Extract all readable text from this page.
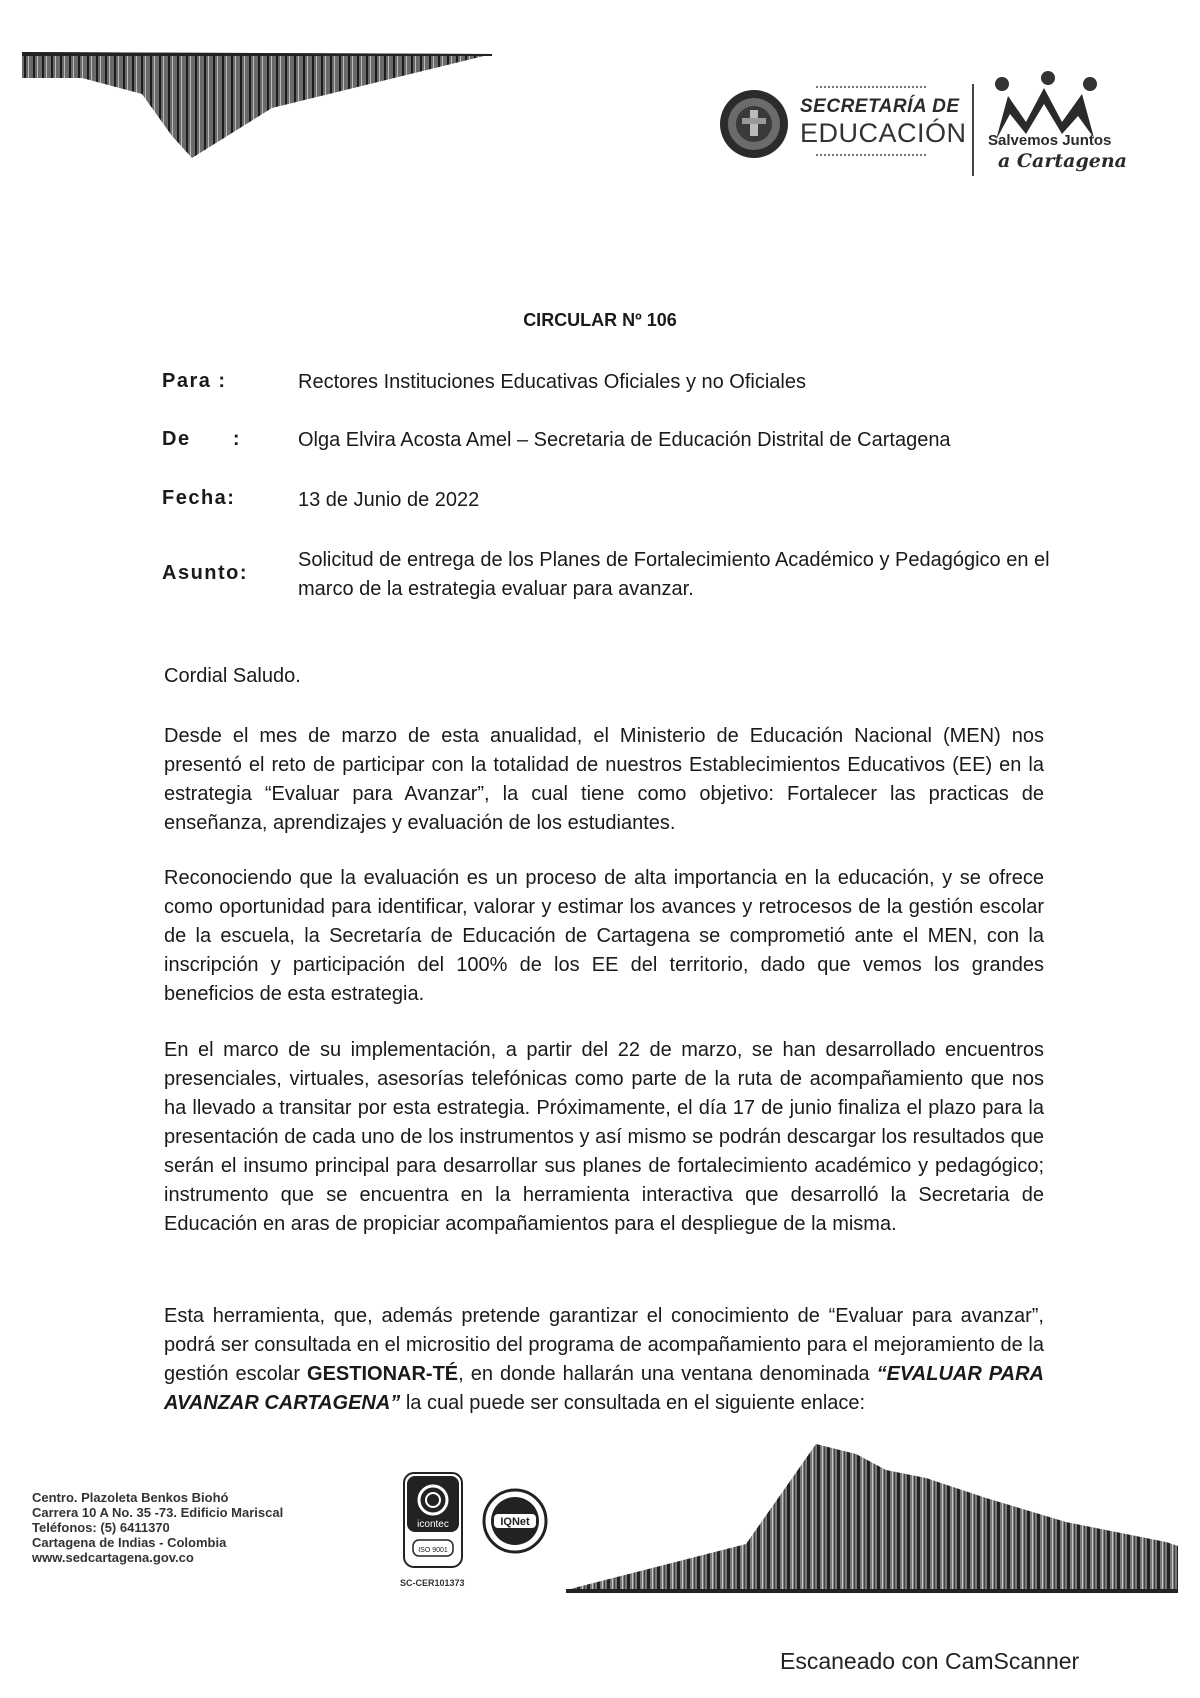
SECRETARÍA DE
EDUCACIÓN Salvemos Juntos
a Cartagena
CIRCULAR Nº 106
Para :	Rectores Instituciones Educativas Oficiales y no Oficiales
De      :	Olga Elvira Acosta Amel – Secretaria de Educación Distrital de Cartagena
Fecha:	13 de Junio de 2022
Asunto:
Solicitud de entrega de los Planes de Fortalecimiento Académico y Pedagógico en el marco de la estrategia evaluar para avanzar.
Cordial Saludo.

Desde el mes de marzo de esta anualidad, el Ministerio de Educación Nacional (MEN) nos presentó el reto de participar con la totalidad de nuestros Establecimientos Educativos (EE) en la estrategia “Evaluar para Avanzar”, la cual tiene como objetivo: Fortalecer las practicas de enseñanza, aprendizajes y evaluación de los estudiantes.

Reconociendo que la evaluación es un proceso de alta importancia en la educación, y se ofrece como oportunidad para identificar, valorar y estimar los avances y retrocesos de la gestión escolar de la escuela, la Secretaría de Educación de Cartagena se comprometió ante el MEN, con la inscripción y participación del 100% de los EE del territorio, dado que vemos los grandes beneficios de esta estrategia.

En el marco de su implementación, a partir del 22 de marzo, se han desarrollado encuentros presenciales, virtuales, asesorías telefónicas como parte de la ruta de acompañamiento que nos ha llevado a transitar por esta estrategia. Próximamente, el día 17 de junio finaliza el plazo para la presentación de cada uno de los instrumentos y así mismo se podrán descargar los resultados que serán el insumo principal para desarrollar sus planes de fortalecimiento académico y pedagógico; instrumento que se encuentra en la herramienta interactiva que desarrolló la Secretaria de Educación en aras de propiciar acompañamientos para el despliegue de la misma.

Esta herramienta, que, además pretende garantizar el conocimiento de “Evaluar para avanzar”, podrá ser consultada en el micrositio del programa de acompañamiento para el mejoramiento de la gestión escolar GESTIONAR-TÉ, en donde hallarán una ventana denominada “EVALUAR PARA AVANZAR CARTAGENA” la cual puede ser consultada en el siguiente enlace:

Centro. Plazoleta Benkos Biohó
Carrera 10 A No. 35 -73. Edificio Mariscal
Teléfonos: (5) 6411370
Cartagena de Indias - Colombia
www.sedcartagena.gov.co
icontec
ISO 9001
IQNet
SC-CER101373
Escaneado con CamScanner
